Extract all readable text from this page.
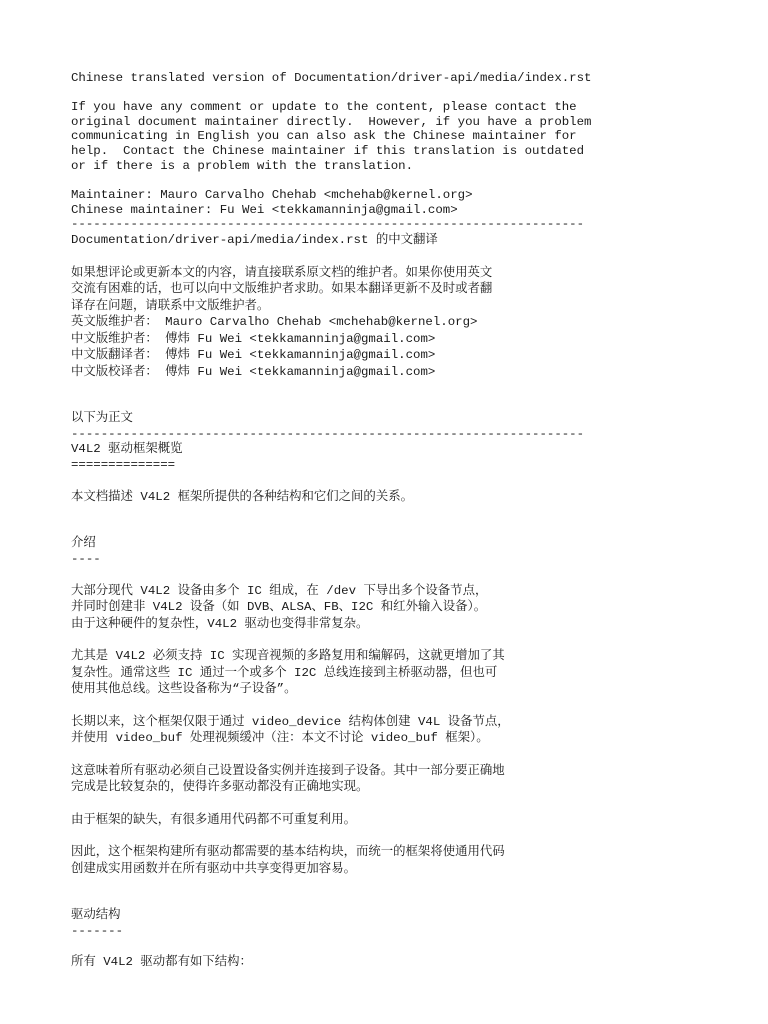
Chinese translated version of Documentation/driver-api/media/index.rst
If you have any comment or update to the content, please contact the
original document maintainer directly.  However, if you have a problem
communicating in English you can also ask the Chinese maintainer for
help.  Contact the Chinese maintainer if this translation is outdated
or if there is a problem with the translation.
Maintainer: Mauro Carvalho Chehab <mchehab@kernel.org>
Chinese maintainer: Fu Wei <tekkamanninja@gmail.com>
---------------------------------------------------------------------
Documentation/driver-api/media/index.rst 的中文翻译
如果想评论或更新本文的内容，请直接联系原文档的维护者。如果你使用英文
交流有困难的话，也可以向中文版维护者求助。如果本翻译更新不及时或者翻
译存在问题，请联系中文版维护者。
英文版维护者： Mauro Carvalho Chehab <mchehab@kernel.org>
中文版维护者： 傅炜 Fu Wei <tekkamanninja@gmail.com>
中文版翻译者： 傅炜 Fu Wei <tekkamanninja@gmail.com>
中文版校译者： 傅炜 Fu Wei <tekkamanninja@gmail.com>
以下为正文
---------------------------------------------------------------------
V4L2 驱动框架概览
==============
本文档描述 V4L2 框架所提供的各种结构和它们之间的关系。
介绍
----
大部分现代 V4L2 设备由多个 IC 组成，在 /dev 下导出多个设备节点，
并同时创建非 V4L2 设备（如 DVB、ALSA、FB、I2C 和红外输入设备）。
由于这种硬件的复杂性，V4L2 驱动也变得非常复杂。
尤其是 V4L2 必须支持 IC 实现音视频的多路复用和编解码，这就更增加了其
复杂性。通常这些 IC 通过一个或多个 I2C 总线连接到主桥驱动器，但也可
使用其他总线。这些设备称为“子设备”。
长期以来，这个框架仅限于通过 video_device 结构体创建 V4L 设备节点，
并使用 video_buf 处理视频缓冲（注：本文不讨论 video_buf 框架）。
这意味着所有驱动必须自己设置设备实例并连接到子设备。其中一部分要正确地
完成是比较复杂的，使得许多驱动都没有正确地实现。
由于框架的缺失，有很多通用代码都不可重复利用。
因此，这个框架构建所有驱动都需要的基本结构块，而统一的框架将使通用代码
创建成实用函数并在所有驱动中共享变得更加容易。
驱动结构
-------
所有 V4L2 驱动都有如下结构：
